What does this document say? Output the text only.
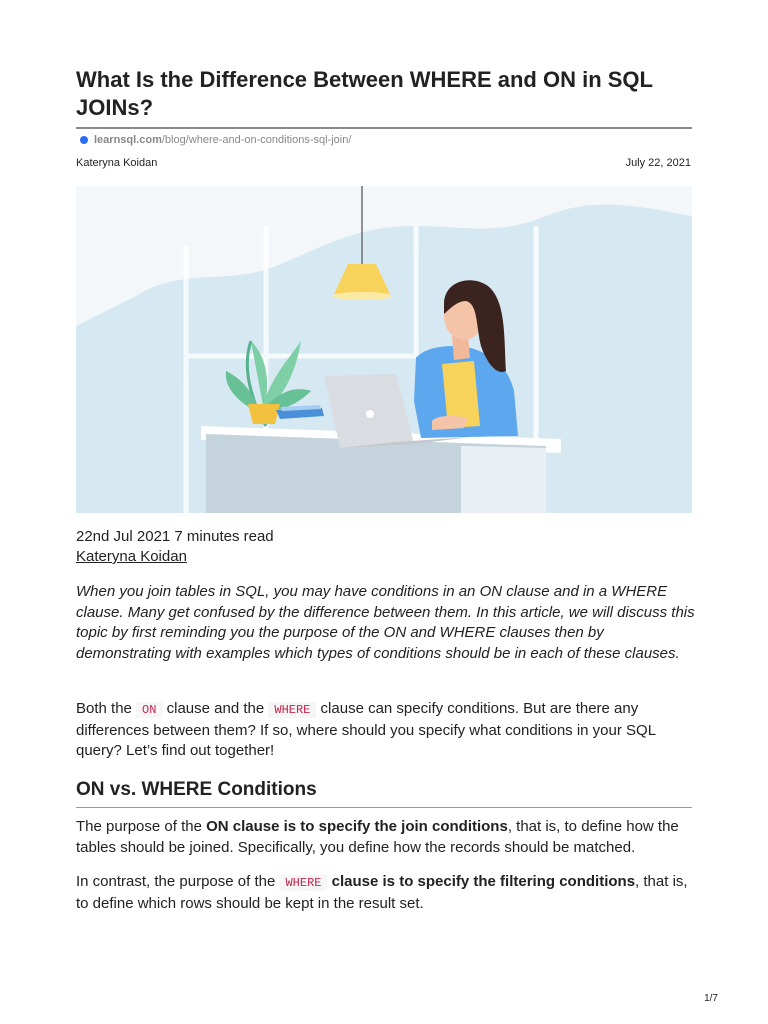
What Is the Difference Between WHERE and ON in SQL JOINs?
learnsql.com /blog/where-and-on-conditions-sql-join/
Kateryna Koidan	July 22, 2021
22nd Jul 2021 7 minutes read
Kateryna Koidan

When you join tables in SQL, you may have conditions in an ON clause and in a WHERE clause. Many get confused by the difference between them. In this article, we will discuss this topic by first reminding you the purpose of the ON and WHERE clauses then by demonstrating with examples which types of conditions should be in each of these clauses.

Both the ON clause and the WHERE clause can specify conditions. But are there any differences between them? If so, where should you specify what conditions in your SQL query? Let’s find out together!

ON vs. WHERE Conditions

The purpose of the ON clause is to specify the join conditions, that is, to define how the tables should be joined. Specifically, you define how the records should be matched.

In contrast, the purpose of the WHERE clause is to specify the filtering conditions, that is, to define which rows should be kept in the result set.

1/7
